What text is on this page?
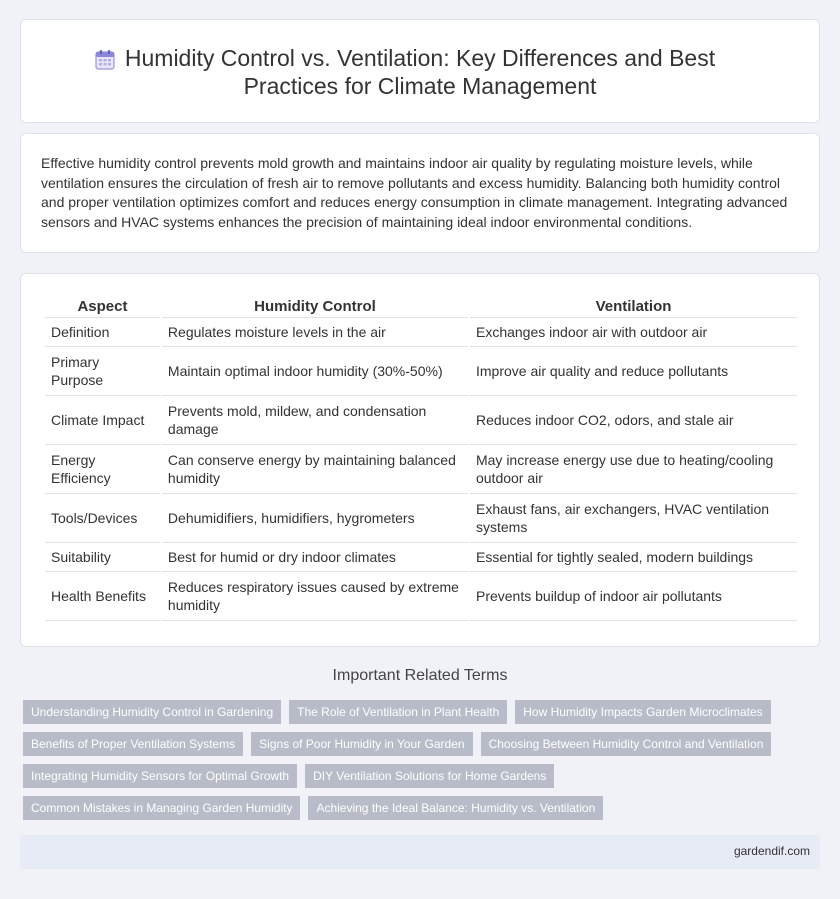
Humidity Control vs. Ventilation: Key Differences and Best Practices for Climate Management

Effective humidity control prevents mold growth and maintains indoor air quality by regulating moisture levels, while ventilation ensures the circulation of fresh air to remove pollutants and excess humidity. Balancing both humidity control and proper ventilation optimizes comfort and reduces energy consumption in climate management. Integrating advanced sensors and HVAC systems enhances the precision of maintaining ideal indoor environmental conditions.

Aspect	Humidity Control	Ventilation
Definition	Regulates moisture levels in the air	Exchanges indoor air with outdoor air
Primary Purpose	Maintain optimal indoor humidity (30%-50%)	Improve air quality and reduce pollutants
Climate Impact	Prevents mold, mildew, and condensation damage	Reduces indoor CO2, odors, and stale air
Energy Efficiency	Can conserve energy by maintaining balanced humidity	May increase energy use due to heating/cooling outdoor air
Tools/Devices	Dehumidifiers, humidifiers, hygrometers	Exhaust fans, air exchangers, HVAC ventilation systems
Suitability	Best for humid or dry indoor climates	Essential for tightly sealed, modern buildings
Health Benefits	Reduces respiratory issues caused by extreme humidity	Prevents buildup of indoor air pollutants
Important Related Terms
Understanding Humidity Control in Gardening	The Role of Ventilation in Plant Health	How Humidity Impacts Garden Microclimates
Benefits of Proper Ventilation Systems	Signs of Poor Humidity in Your Garden	Choosing Between Humidity Control and Ventilation
Integrating Humidity Sensors for Optimal Growth	DIY Ventilation Solutions for Home Gardens
Common Mistakes in Managing Garden Humidity	Achieving the Ideal Balance: Humidity vs. Ventilation
gardendif.com
